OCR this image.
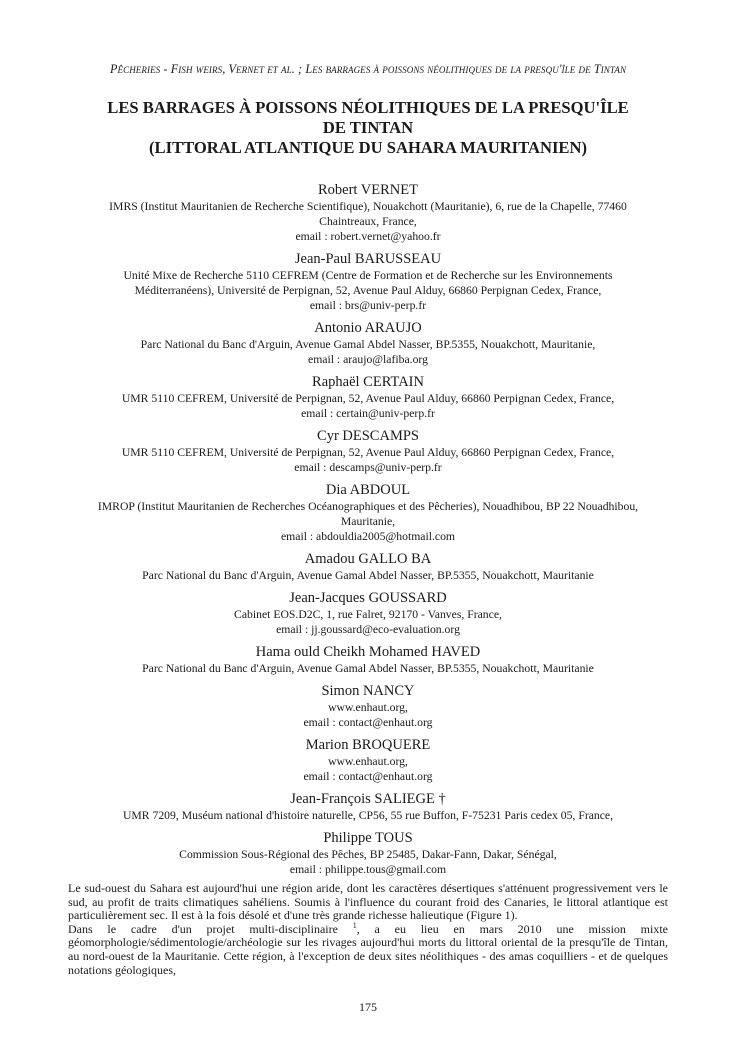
Pêcheries - Fish weirs, Vernet et al. ; Les barrages à poissons néolithiques de la presqu'île de Tintan
LES BARRAGES À POISSONS NÉOLITHIQUES DE LA PRESQU'ÎLE
DE TINTAN
(LITTORAL ATLANTIQUE DU SAHARA MAURITANIEN)
Robert VERNET
IMRS (Institut Mauritanien de Recherche Scientifique), Nouakchott (Mauritanie), 6, rue de la Chapelle, 77460
Chaintreaux, France,
email : robert.vernet@yahoo.fr
Jean-Paul BARUSSEAU
Unité Mixe de Recherche 5110 CEFREM (Centre de Formation et de Recherche sur les Environnements
Méditerranéens), Université de Perpignan, 52, Avenue Paul Alduy, 66860 Perpignan Cedex, France,
email : brs@univ-perp.fr
Antonio ARAUJO
Parc National du Banc d'Arguin, Avenue Gamal Abdel Nasser, BP.5355, Nouakchott, Mauritanie,
email : araujo@lafiba.org
Raphaël CERTAIN
UMR 5110 CEFREM, Université de Perpignan, 52, Avenue Paul Alduy, 66860 Perpignan Cedex, France,
email : certain@univ-perp.fr
Cyr DESCAMPS
UMR 5110 CEFREM, Université de Perpignan, 52, Avenue Paul Alduy, 66860 Perpignan Cedex, France,
email : descamps@univ-perp.fr
Dia ABDOUL
IMROP (Institut Mauritanien de Recherches Océanographiques et des Pêcheries), Nouadhibou, BP 22 Nouadhibou,
Mauritanie,
email : abdouldia2005@hotmail.com
Amadou GALLO BA
Parc National du Banc d'Arguin, Avenue Gamal Abdel Nasser, BP.5355, Nouakchott, Mauritanie
Jean-Jacques GOUSSARD
Cabinet EOS.D2C, 1, rue Falret, 92170 - Vanves, France,
email : jj.goussard@eco-evaluation.org
Hama ould Cheikh Mohamed HAVED
Parc National du Banc d'Arguin, Avenue Gamal Abdel Nasser, BP.5355, Nouakchott, Mauritanie
Simon NANCY
www.enhaut.org,
email : contact@enhaut.org
Marion BROQUERE
www.enhaut.org,
email : contact@enhaut.org
Jean-François SALIEGE †
UMR 7209, Muséum national d'histoire naturelle, CP56, 55 rue Buffon, F-75231 Paris cedex 05, France,
Philippe TOUS
Commission Sous-Régional des Pêches, BP 25485, Dakar-Fann, Dakar, Sénégal,
email : philippe.tous@gmail.com

Le sud-ouest du Sahara est aujourd'hui une région aride, dont les caractères désertiques s'atténuent progressivement vers le sud, au profit de traits climatiques sahéliens. Soumis à l'influence du courant froid des Canaries, le littoral atlantique est particulièrement sec. Il est à la fois désolé et d'une très grande richesse halieutique (Figure 1).

Dans le cadre d'un projet multi-disciplinaire $^1$, a eu lieu en mars 2010 une mission mixte géomorphologie/sédimentologie/archéologie sur les rivages aujourd'hui morts du littoral oriental de la presqu'île de Tintan, au nord-ouest de la Mauritanie. Cette région, à l'exception de deux sites néolithiques - des amas coquilliers - et de quelques notations géologiques,

175
